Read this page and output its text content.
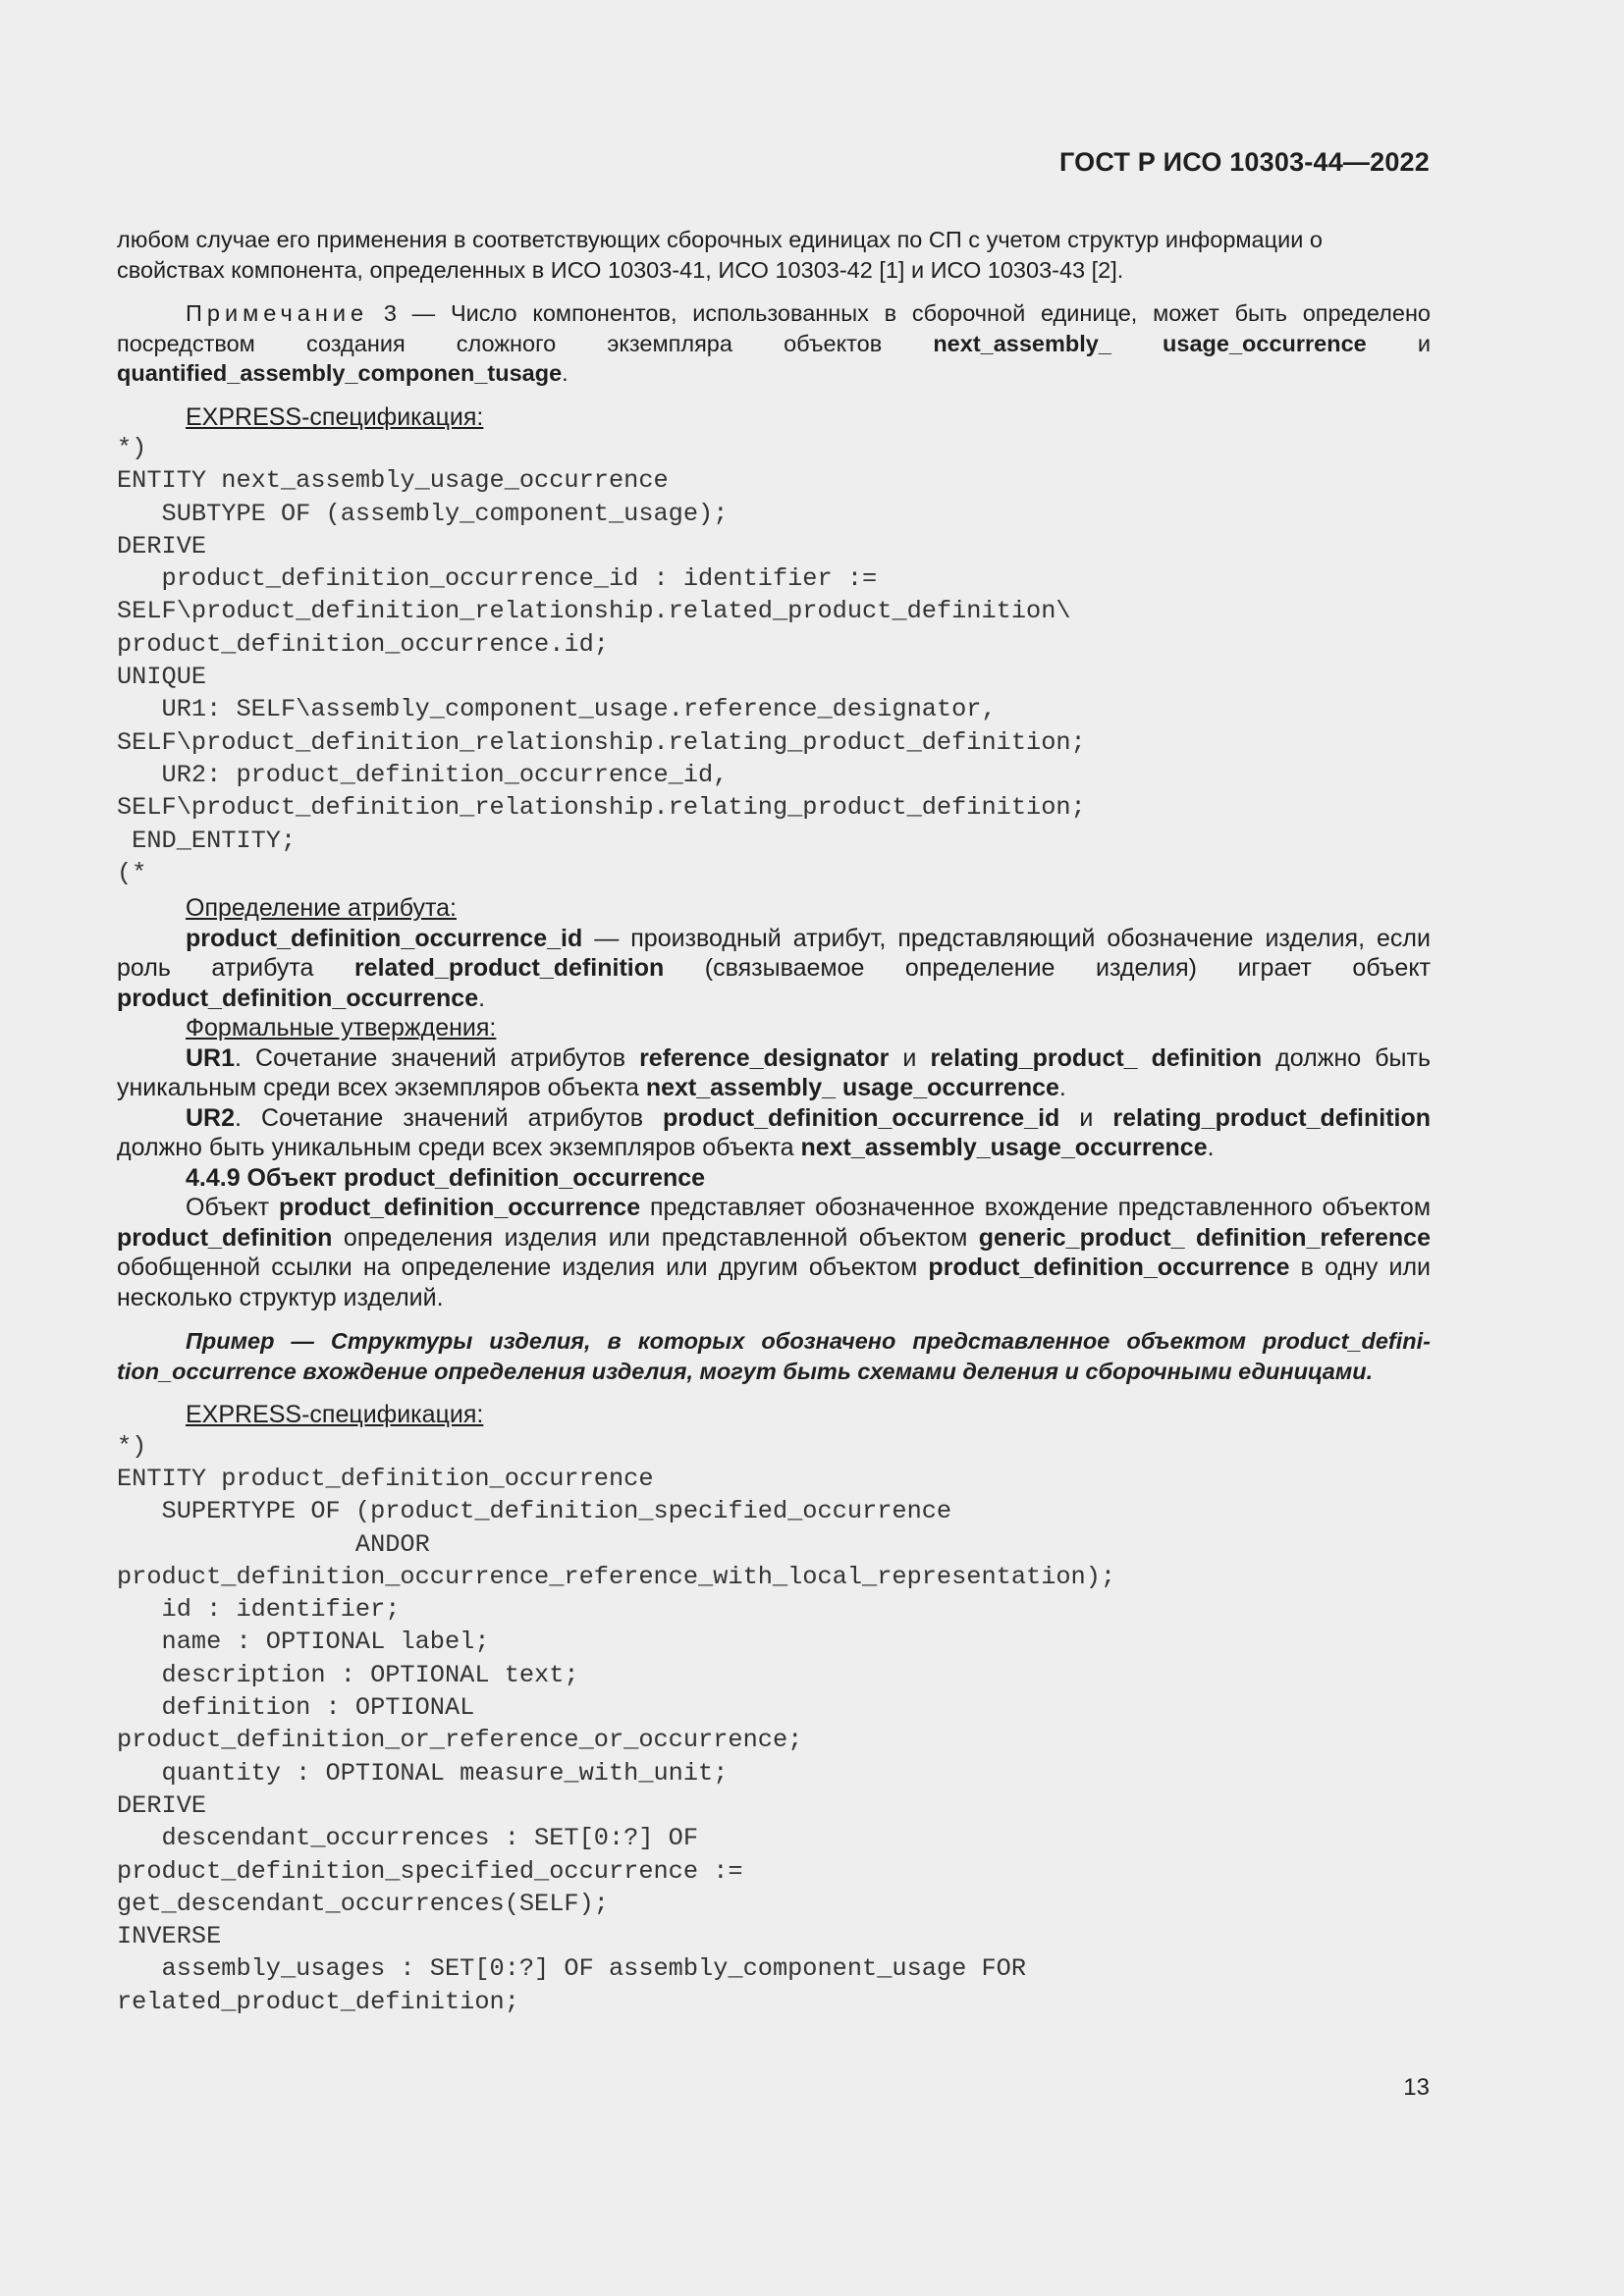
ГОСТ Р ИСО 10303-44—2022

любом случае его применения в соответствующих сборочных единицах по СП с учетом структур информации о
свойствах компонента, определенных в ИСО 10303-41, ИСО 10303-42 [1] и ИСО 10303-43 [2].

Примечание 3 — Число компонентов, использованных в сборочной единице, может быть определено посредством создания сложного экземпляра объектов next_assembly_ usage_occurrence и quantified_assembly_componen_tusage.

EXPRESS-спецификация:

*)
ENTITY next_assembly_usage_occurrence
SUBTYPE OF (assembly_component_usage);
DERIVE
product_definition_occurrence_id : identifier :=
SELF\product_definition_relationship.related_product_definition\
product_definition_occurrence.id;
UNIQUE
UR1: SELF\assembly_component_usage.reference_designator,
SELF\product_definition_relationship.relating_product_definition;
UR2: product_definition_occurrence_id,
SELF\product_definition_relationship.relating_product_definition;
END_ENTITY;
(*

Определение атрибута:

product_definition_occurrence_id — производный атрибут, представляющий обозначение изделия, если роль атрибута related_product_definition (связываемое определение изделия) играет объект product_definition_occurrence.

Формальные утверждения:

UR1. Сочетание значений атрибутов reference_designator и relating_product_ definition должно быть уникальным среди всех экземпляров объекта next_assembly_ usage_occurrence.

UR2. Сочетание значений атрибутов product_definition_occurrence_id и relating_product_definition должно быть уникальным среди всех экземпляров объекта next_assembly_usage_occurrence.

4.4.9 Объект product_definition_occurrence

Объект product_definition_occurrence представляет обозначенное вхождение представленного объектом product_definition определения изделия или представленной объектом generic_product_ definition_reference обобщенной ссылки на определение изделия или другим объектом product_definition_occurrence в одну или несколько структур изделий.

Пример — Структуры изделия, в которых обозначено представленное объектом product_definition_occurrence вхождение определения изделия, могут быть схемами деления и сборочными единицами.

EXPRESS-спецификация:

*)
ENTITY product_definition_occurrence
SUPERTYPE OF (product_definition_specified_occurrence
ANDOR
product_definition_occurrence_reference_with_local_representation);
id : identifier;
name : OPTIONAL label;
description : OPTIONAL text;
definition : OPTIONAL
product_definition_or_reference_or_occurrence;
quantity : OPTIONAL measure_with_unit;
DERIVE
descendant_occurrences : SET[0:?] OF
product_definition_specified_occurrence :=
get_descendant_occurrences(SELF);
INVERSE
assembly_usages : SET[0:?] OF assembly_component_usage FOR
related_product_definition;
13
